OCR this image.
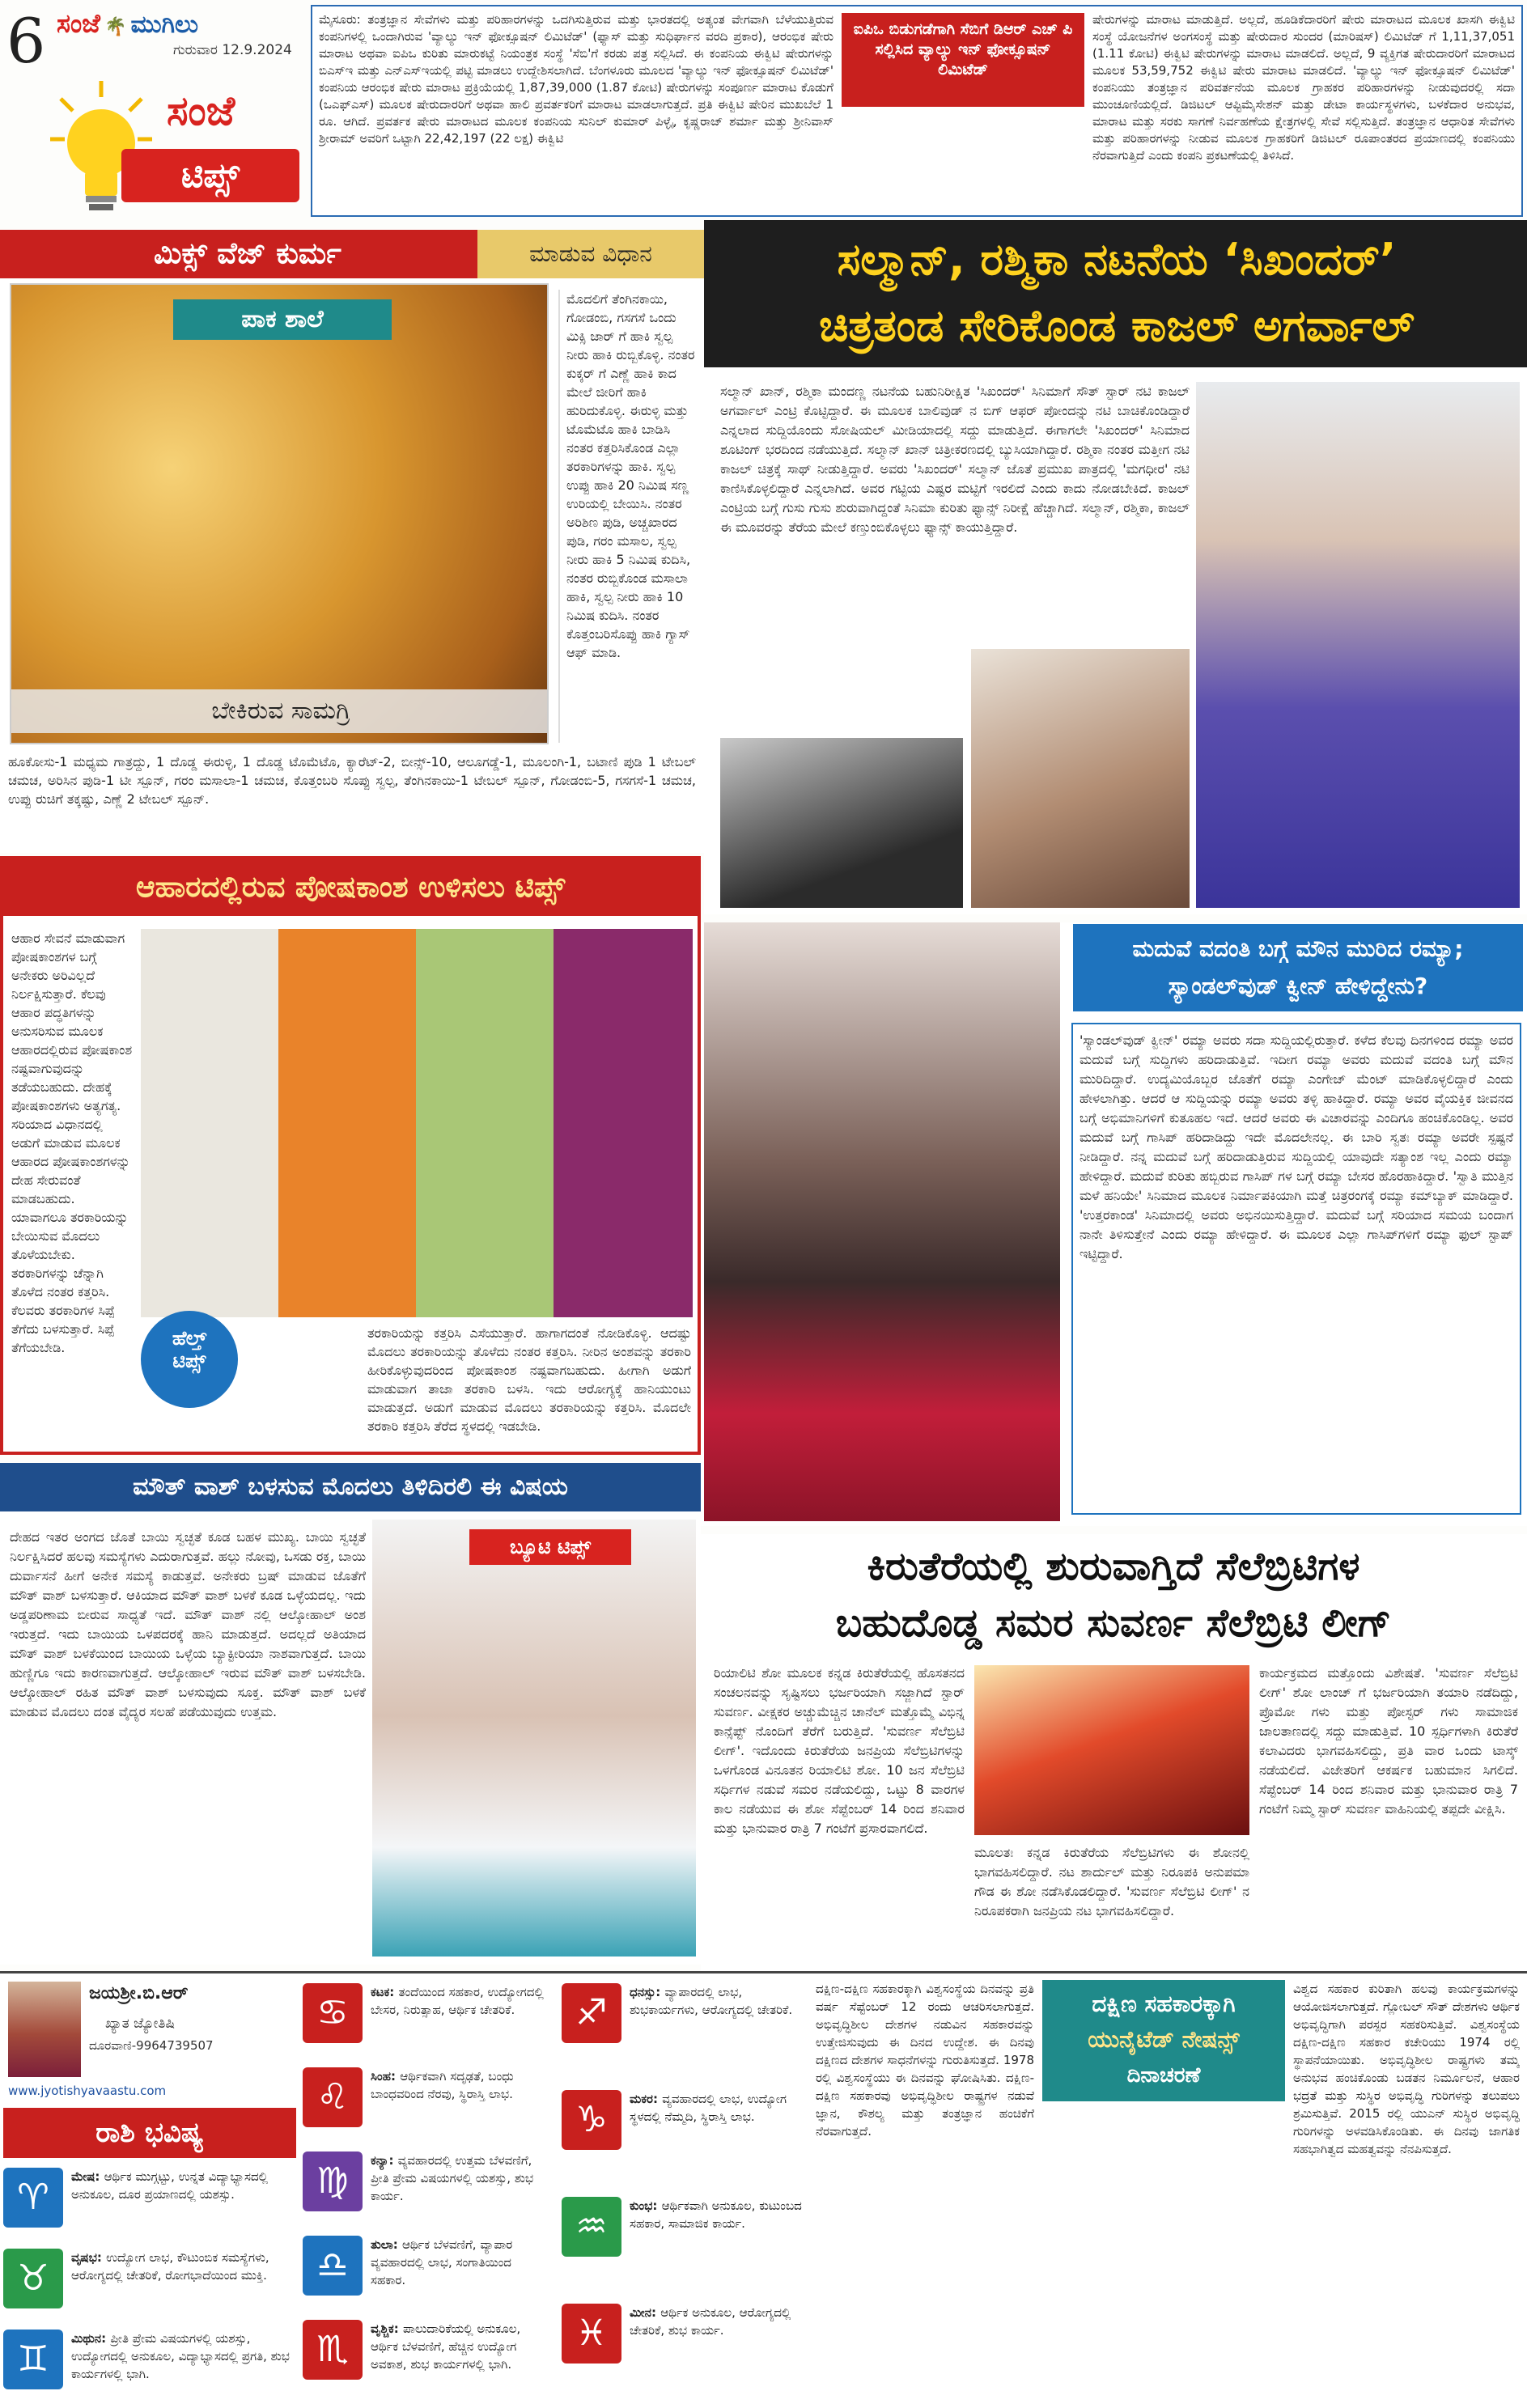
6 ಸಂಜೆ 🌴 ಮುಗಿಲು
ಗುರುವಾರ 12.9.2024
ಸಂಜೆ
ಟಿಪ್ಸ್
ಮೈಸೂರು: ತಂತ್ರಜ್ಞಾನ ಸೇವೆಗಳು ಮತ್ತು ಪರಿಹಾರಗಳನ್ನು ಒದಗಿಸುತ್ತಿರುವ ಮತ್ತು ಭಾರತದಲ್ಲಿ ಅತ್ಯಂತ ವೇಗವಾಗಿ ಬೆಳೆಯುತ್ತಿರುವ ಕಂಪನಿಗಳಲ್ಲಿ ಒಂದಾಗಿರುವ 'ವ್ಯಾಲ್ಯು ಇನ್ ಫೋಕ್ಸೂಷನ್ ಲಿಮಿಟೆಡ್' (ಫ್ಯಾಸ್ ಮತ್ತು ಸುಧಿರ್ಘಾನ ವರದಿ ಪ್ರಕಾರ), ಆರಂಭಿಕ ಷೇರು ಮಾರಾಟ ಅಥವಾ ಐಪಿಒ ಕುರಿತು ಮಾರುಕಟ್ಟೆ ನಿಯಂತ್ರಕ ಸಂಸ್ಥೆ 'ಸೆಬಿ'ಗೆ ಕರಡು ಪತ್ರ ಸಲ್ಲಿಸಿದೆ. ಈ ಕಂಪನಿಯ ಈಕ್ವಿಟಿ ಷೇರುಗಳನ್ನು ಬಿಎಸ್ಇ ಮತ್ತು ಎನ್ಎಸ್ಇಯಲ್ಲಿ ಪಟ್ಟಿ ಮಾಡಲು ಉದ್ದೇಶಿಸಲಾಗಿದೆ. ಬೆಂಗಳೂರು ಮೂಲದ 'ವ್ಯಾಲ್ಯು ಇನ್ ಫೋಕ್ಸೂಷನ್ ಲಿಮಿಟೆಡ್' ಕಂಪನಿಯ ಆರಂಭಿಕ ಷೇರು ಮಾರಾಟ ಪ್ರಕ್ರಿಯೆಯಲ್ಲಿ 1,87,39,000 (1.87 ಕೋಟಿ) ಷೇರುಗಳನ್ನು ಸಂಪೂರ್ಣ ಮಾರಾಟ ಕೊಡುಗೆ (ಒಎಫ್ಎಸ್) ಮೂಲಕ ಷೇರುದಾರರಿಗೆ ಅಥವಾ ಹಾಲಿ ಪ್ರವರ್ತಕರಿಗೆ ಮಾರಾಟ ಮಾಡಲಾಗುತ್ತದೆ. ಪ್ರತಿ ಈಕ್ವಿಟಿ ಷೇರಿನ ಮುಖಬೆಲೆ 1 ರೂ. ಆಗಿದೆ. ಪ್ರವರ್ತಕ ಷೇರು ಮಾರಾಟದ ಮೂಲಕ ಕಂಪನಿಯ ಸುನಿಲ್ ಕುಮಾರ್ ಪಿಳ್ಳೈ, ಕೃಷ್ಣರಾಜ್ ಶರ್ಮಾ ಮತ್ತು ಶ್ರೀನಿವಾಸ್ ಶ್ರೀರಾಮ್ ಅವರಿಗೆ ಒಟ್ಟಾಗಿ 22,42,197 (22 ಲಕ್ಷ) ಈಕ್ವಿಟಿ
ಐಪಿಒ ಬಿಡುಗಡೆಗಾಗಿ ಸೆಬಿಗೆ ಡಿಆರ್ ಎಚ್ ಪಿ ಸಲ್ಲಿಸಿದ ವ್ಯಾಲ್ಯು ಇನ್ ಫೋಕ್ಸೂಷನ್ ಲಿಮಿಟೆಡ್
ಷೇರುಗಳನ್ನು ಮಾರಾಟ ಮಾಡುತ್ತಿದೆ. ಅಲ್ಲದೆ, ಹೂಡಿಕೆದಾರರಿಗೆ ಷೇರು ಮಾರಾಟದ ಮೂಲಕ ಖಾಸಗಿ ಈಕ್ವಿಟಿ ಸಂಸ್ಥೆ ಯೋಜನೆಗಳ ಅಂಗಸಂಸ್ಥೆ ಮತ್ತು ಷೇರುದಾರ ಸುಂದರ (ಮಾರಿಷಸ್) ಲಿಮಿಟೆಡ್ ಗೆ 1,11,37,051 (1.11 ಕೋಟಿ) ಈಕ್ವಿಟಿ ಷೇರುಗಳನ್ನು ಮಾರಾಟ ಮಾಡಲಿದೆ. ಅಲ್ಲದೆ, 9 ವ್ಯಕ್ತಿಗತ ಷೇರುದಾರರಿಗೆ ಮಾರಾಟದ ಮೂಲಕ 53,59,752 ಈಕ್ವಿಟಿ ಷೇರು ಮಾರಾಟ ಮಾಡಲಿದೆ. 'ವ್ಯಾಲ್ಯು ಇನ್ ಫೋಕ್ಸೂಷನ್ ಲಿಮಿಟೆಡ್' ಕಂಪನಿಯು ತಂತ್ರಜ್ಞಾನ ಪರಿವರ್ತನೆಯ ಮೂಲಕ ಗ್ರಾಹಕರ ಪರಿಹಾರಗಳನ್ನು ನೀಡುವುದರಲ್ಲಿ ಸದಾ ಮುಂಚೂಣಿಯಲ್ಲಿದೆ. ಡಿಜಿಟಲ್ ಆಪ್ಟಿಮೈಸೇಶನ್ ಮತ್ತು ಡೇಟಾ ಕಾರ್ಯಸ್ಥಳಗಳು, ಬಳಕೆದಾರ ಅನುಭವ, ಮಾರಾಟ ಮತ್ತು ಸರಕು ಸಾಗಣೆ ನಿರ್ವಹಣೆಯ ಕ್ಷೇತ್ರಗಳಲ್ಲಿ ಸೇವೆ ಸಲ್ಲಿಸುತ್ತಿದೆ. ತಂತ್ರಜ್ಞಾನ ಆಧಾರಿತ ಸೇವೆಗಳು ಮತ್ತು ಪರಿಹಾರಗಳನ್ನು ನೀಡುವ ಮೂಲಕ ಗ್ರಾಹಕರಿಗೆ ಡಿಜಿಟಲ್ ರೂಪಾಂತರದ ಪ್ರಯಾಣದಲ್ಲಿ ಕಂಪನಿಯು ನೆರವಾಗುತ್ತಿದೆ ಎಂದು ಕಂಪನಿ ಪ್ರಕಟಣೆಯಲ್ಲಿ ತಿಳಿಸಿದೆ.
ಮಿಕ್ಸ್ ವೆಜ್ ಕುರ್ಮ	ಮಾಡುವ ವಿಧಾನ
ಪಾಕ ಶಾಲೆ
ಬೇಕಿರುವ ಸಾಮಗ್ರಿ
ಮೊದಲಿಗೆ ತೆಂಗಿನಕಾಯಿ, ಗೋಡಂಬಿ, ಗಸಗಸೆ ಒಂದು ಮಿಕ್ಸಿ ಜಾರ್ ಗೆ ಹಾಕಿ ಸ್ವಲ್ಪ ನೀರು ಹಾಕಿ ರುಬ್ಬಿಕೊಳ್ಳಿ. ನಂತರ ಕುಕ್ಕರ್ ಗೆ ಎಣ್ಣೆ ಹಾಕಿ ಕಾದ ಮೇಲೆ ಜೀರಿಗೆ ಹಾಕಿ ಹುರಿದುಕೊಳ್ಳಿ. ಈರುಳ್ಳಿ ಮತ್ತು ಟೊಮೆಟೊ ಹಾಕಿ ಬಾಡಿಸಿ ನಂತರ ಕತ್ತರಿಸಿಕೊಂಡ ಎಲ್ಲಾ ತರಕಾರಿಗಳನ್ನು ಹಾಕಿ. ಸ್ವಲ್ಪ ಉಪ್ಪು ಹಾಕಿ 20 ನಿಮಿಷ ಸಣ್ಣ ಉರಿಯಲ್ಲಿ ಬೇಯಿಸಿ. ನಂತರ ಅರಿಶಿಣ ಪುಡಿ, ಅಚ್ಚಖಾರದ ಪುಡಿ, ಗರಂ ಮಸಾಲ, ಸ್ವಲ್ಪ ನೀರು ಹಾಕಿ 5 ನಿಮಿಷ ಕುದಿಸಿ, ನಂತರ ರುಬ್ಬಿಕೊಂಡ ಮಸಾಲಾ ಹಾಕಿ, ಸ್ವಲ್ಪ ನೀರು ಹಾಕಿ 10 ನಿಮಿಷ ಕುದಿಸಿ. ನಂತರ ಕೊತ್ತಂಬರಿಸೊಪ್ಪು ಹಾಕಿ ಗ್ಯಾಸ್ ಆಫ್ ಮಾಡಿ.
ಹೂಕೋಸು-1 ಮಧ್ಯಮ ಗಾತ್ರದ್ದು, 1 ದೊಡ್ಡ ಈರುಳ್ಳಿ, 1 ದೊಡ್ಡ ಟೊಮೆಟೊ, ಕ್ಯಾರೆಟ್-2, ಬೀನ್ಸ್-10, ಆಲೂಗಡ್ಡೆ-1, ಮೂಲಂಗಿ-1, ಬಟಾಣಿ ಪುಡಿ 1 ಟೇಬಲ್ ಚಮಚ, ಅರಿಸಿನ ಪುಡಿ-1 ಟೀ ಸ್ಪೂನ್, ಗರಂ ಮಸಾಲಾ-1 ಚಮಚ, ಕೊತ್ತಂಬರಿ ಸೊಪ್ಪು ಸ್ವಲ್ಪ, ತೆಂಗಿನಕಾಯಿ-1 ಟೇಬಲ್ ಸ್ಪೂನ್, ಗೋಡಂಬಿ-5, ಗಸಗಸೆ-1 ಚಮಚ, ಉಪ್ಪು ರುಚಿಗೆ ತಕ್ಕಷ್ಟು, ಎಣ್ಣೆ 2 ಟೇಬಲ್ ಸ್ಪೂನ್.
ಸಲ್ಮಾನ್, ರಶ್ಮಿಕಾ ನಟನೆಯ ‘ಸಿಖಂದರ್’
ಚಿತ್ರತಂಡ ಸೇರಿಕೊಂಡ ಕಾಜಲ್ ಅಗರ್ವಾಲ್
ಸಲ್ಮಾನ್ ಖಾನ್, ರಶ್ಮಿಕಾ ಮಂದಣ್ಣ ನಟನೆಯ ಬಹುನಿರೀಕ್ಷಿತ 'ಸಿಖಂದರ್' ಸಿನಿಮಾಗೆ ಸೌತ್ ಸ್ಟಾರ್ ನಟಿ ಕಾಜಲ್ ಅಗರ್ವಾಲ್ ಎಂಟ್ರಿ ಕೊಟ್ಟಿದ್ದಾರೆ. ಈ ಮೂಲಕ ಬಾಲಿವುಡ್ ನ ಬಿಗ್ ಆಫರ್ ಪೋಂದನ್ನು ನಟಿ ಬಾಚಿಕೊಂಡಿದ್ದಾರೆ ಎನ್ನಲಾದ ಸುದ್ದಿಯೊಂದು ಸೋಷಿಯಲ್ ಮೀಡಿಯಾದಲ್ಲಿ ಸದ್ದು ಮಾಡುತ್ತಿದೆ. ಈಗಾಗಲೇ 'ಸಿಖಂದರ್' ಸಿನಿಮಾದ ಶೂಟಿಂಗ್ ಭರದಿಂದ ನಡೆಯುತ್ತಿದೆ. ಸಲ್ಮಾನ್ ಖಾನ್ ಚಿತ್ರೀಕರಣದಲ್ಲಿ ಬ್ಯುಸಿಯಾಗಿದ್ದಾರೆ. ರಶ್ಮಿಕಾ ನಂತರ ಮತ್ತೀಗ ನಟಿ ಕಾಜಲ್ ಚಿತ್ರಕ್ಕೆ ಸಾಥ್ ನೀಡುತ್ತಿದ್ದಾರೆ. ಅವರು 'ಸಿಖಂದರ್' ಸಲ್ಮಾನ್ ಜೊತೆ ಪ್ರಮುಖ ಪಾತ್ರದಲ್ಲಿ 'ಮಗಧೀರ' ನಟಿ ಕಾಣಿಸಿಕೊಳ್ಳಲಿದ್ದಾರೆ ಎನ್ನಲಾಗಿದೆ. ಅವರ ಗಟ್ಟಿಯ ಎಷ್ಟರ ಮಟ್ಟಿಗೆ ಇರಲಿದೆ ಎಂದು ಕಾದು ನೋಡಬೇಕಿದೆ. ಕಾಜಲ್ ಎಂಟ್ರಿಯ ಬಗ್ಗೆ ಗುಸು ಗುಸು ಶುರುವಾಗಿದ್ದಂತೆ ಸಿನಿಮಾ ಕುರಿತು ಫ್ಯಾನ್ಸ್ ನಿರೀಕ್ಷೆ ಹೆಚ್ಚಾಗಿದೆ. ಸಲ್ಮಾನ್, ರಶ್ಮಿಕಾ, ಕಾಜಲ್ ಈ ಮೂವರನ್ನು ತೆರೆಯ ಮೇಲೆ ಕಣ್ತುಂಬಿಕೊಳ್ಳಲು ಫ್ಯಾನ್ಸ್ ಕಾಯುತ್ತಿದ್ದಾರೆ.
ಆಹಾರದಲ್ಲಿರುವ ಪೋಷಕಾಂಶ ಉಳಿಸಲು ಟಿಪ್ಸ್
ಆಹಾರ ಸೇವನೆ ಮಾಡುವಾಗ ಪೋಷಕಾಂಶಗಳ ಬಗ್ಗೆ ಅನೇಕರು ಅರಿವಿಲ್ಲದೆ ನಿರ್ಲಕ್ಷಿಸುತ್ತಾರೆ. ಕೆಲವು ಆಹಾರ ಪದ್ಧತಿಗಳನ್ನು ಅನುಸರಿಸುವ ಮೂಲಕ ಆಹಾರದಲ್ಲಿರುವ ಪೋಷಕಾಂಶ ನಷ್ಟವಾಗುವುದನ್ನು ತಡೆಯಬಹುದು. ದೇಹಕ್ಕೆ ಪೋಷಕಾಂಶಗಳು ಅತ್ಯಗತ್ಯ. ಸರಿಯಾದ ವಿಧಾನದಲ್ಲಿ ಅಡುಗೆ ಮಾಡುವ ಮೂಲಕ ಆಹಾರದ ಪೋಷಕಾಂಶಗಳನ್ನು ದೇಹ ಸೇರುವಂತೆ ಮಾಡಬಹುದು. ಯಾವಾಗಲೂ ತರಕಾರಿಯನ್ನು ಬೇಯಿಸುವ ಮೊದಲು ತೊಳೆಯಬೇಕು. ತರಕಾರಿಗಳನ್ನು ಚೆನ್ನಾಗಿ ತೊಳೆದ ನಂತರ ಕತ್ತರಿಸಿ. ಕೆಲವರು ತರಕಾರಿಗಳ ಸಿಪ್ಪೆ ತೆಗೆದು ಬಳಸುತ್ತಾರೆ. ಸಿಪ್ಪೆ ತೆಗೆಯಬೇಡಿ.	ಹೆಲ್ತ್
ಟಿಪ್ಸ್
ತರಕಾರಿಯನ್ನು ಕತ್ತರಿಸಿ ಎಸೆಯುತ್ತಾರೆ. ಹಾಗಾಗದಂತೆ ನೋಡಿಕೊಳ್ಳಿ. ಆದಷ್ಟು ಮೊದಲು ತರಕಾರಿಯನ್ನು ತೊಳೆದು ನಂತರ ಕತ್ತರಿಸಿ. ನೀರಿನ ಅಂಶವನ್ನು ತರಕಾರಿ ಹೀರಿಕೊಳ್ಳುವುದರಿಂದ ಪೋಷಕಾಂಶ ನಷ್ಟವಾಗಬಹುದು. ಹೀಗಾಗಿ ಅಡುಗೆ ಮಾಡುವಾಗ ತಾಜಾ ತರಕಾರಿ ಬಳಸಿ. ಇದು ಆರೋಗ್ಯಕ್ಕೆ ಹಾನಿಯುಂಟು ಮಾಡುತ್ತದೆ. ಅಡುಗೆ ಮಾಡುವ ಮೊದಲು ತರಕಾರಿಯನ್ನು ಕತ್ತರಿಸಿ. ಮೊದಲೇ ತರಕಾರಿ ಕತ್ತರಿಸಿ ತೆರೆದ ಸ್ಥಳದಲ್ಲಿ ಇಡಬೇಡಿ.
ಮದುವೆ ವದಂತಿ ಬಗ್ಗೆ ಮೌನ ಮುರಿದ ರಮ್ಯಾ;
ಸ್ಯಾಂಡಲ್‌ವುಡ್ ಕ್ವೀನ್ ಹೇಳಿದ್ದೇನು?
'ಸ್ಯಾಂಡಲ್‌ವುಡ್ ಕ್ವೀನ್' ರಮ್ಯಾ ಅವರು ಸದಾ ಸುದ್ದಿಯಲ್ಲಿರುತ್ತಾರೆ. ಕಳೆದ ಕೆಲವು ದಿನಗಳಿಂದ ರಮ್ಯಾ ಅವರ ಮದುವೆ ಬಗ್ಗೆ ಸುದ್ದಿಗಳು ಹರಿದಾಡುತ್ತಿವೆ. ಇದೀಗ ರಮ್ಯಾ ಅವರು ಮದುವೆ ವದಂತಿ ಬಗ್ಗೆ ಮೌನ ಮುರಿದಿದ್ದಾರೆ. ಉದ್ಯಮಿಯೊಬ್ಬರ ಜೊತೆಗೆ ರಮ್ಯಾ ಎಂಗೇಜ್ ಮೆಂಟ್ ಮಾಡಿಕೊಳ್ಳಲಿದ್ದಾರೆ ಎಂದು ಹೇಳಲಾಗಿತ್ತು. ಆದರೆ ಆ ಸುದ್ದಿಯನ್ನು ರಮ್ಯಾ ಅವರು ತಳ್ಳಿ ಹಾಕಿದ್ದಾರೆ. ರಮ್ಯಾ ಅವರ ವೈಯಕ್ತಿಕ ಜೀವನದ ಬಗ್ಗೆ ಅಭಿಮಾನಿಗಳಿಗೆ ಕುತೂಹಲ ಇದೆ. ಆದರೆ ಅವರು ಈ ವಿಚಾರವನ್ನು ಎಂದಿಗೂ ಹಂಚಿಕೊಂಡಿಲ್ಲ. ಅವರ ಮದುವೆ ಬಗ್ಗೆ ಗಾಸಿಪ್ ಹರಿದಾಡಿದ್ದು ಇದೇ ಮೊದಲೇನಲ್ಲ. ಈ ಬಾರಿ ಸ್ವತಃ ರಮ್ಯಾ ಅವರೇ ಸ್ಪಷ್ಟನೆ ನೀಡಿದ್ದಾರೆ. ನನ್ನ ಮದುವೆ ಬಗ್ಗೆ ಹರಿದಾಡುತ್ತಿರುವ ಸುದ್ದಿಯಲ್ಲಿ ಯಾವುದೇ ಸತ್ಯಾಂಶ ಇಲ್ಲ ಎಂದು ರಮ್ಯಾ ಹೇಳಿದ್ದಾರೆ. ಮದುವೆ ಕುರಿತು ಹಬ್ಬಿರುವ ಗಾಸಿಪ್ ಗಳ ಬಗ್ಗೆ ರಮ್ಯಾ ಬೇಸರ ಹೊರಹಾಕಿದ್ದಾರೆ. 'ಸ್ವಾತಿ ಮುತ್ತಿನ ಮಳೆ ಹನಿಯೇ' ಸಿನಿಮಾದ ಮೂಲಕ ನಿರ್ಮಾಪಕಿಯಾಗಿ ಮತ್ತೆ ಚಿತ್ರರಂಗಕ್ಕೆ ರಮ್ಯಾ ಕಮ್‌ಬ್ಯಾಕ್ ಮಾಡಿದ್ದಾರೆ. 'ಉತ್ತರಕಾಂಡ' ಸಿನಿಮಾದಲ್ಲಿ ಅವರು ಅಭಿನಯಿಸುತ್ತಿದ್ದಾರೆ. ಮದುವೆ ಬಗ್ಗೆ ಸರಿಯಾದ ಸಮಯ ಬಂದಾಗ ನಾನೇ ತಿಳಿಸುತ್ತೇನೆ ಎಂದು ರಮ್ಯಾ ಹೇಳಿದ್ದಾರೆ. ಈ ಮೂಲಕ ಎಲ್ಲಾ ಗಾಸಿಪ್‌ಗಳಿಗೆ ರಮ್ಯಾ ಫುಲ್ ಸ್ಟಾಪ್ ಇಟ್ಟಿದ್ದಾರೆ.
ಮೌತ್ ವಾಶ್ ಬಳಸುವ ಮೊದಲು ತಿಳಿದಿರಲಿ ಈ ವಿಷಯ
ದೇಹದ ಇತರ ಅಂಗದ ಜೊತೆ ಬಾಯಿ ಸ್ವಚ್ಛತೆ ಕೂಡ ಬಹಳ ಮುಖ್ಯ. ಬಾಯಿ ಸ್ವಚ್ಛತೆ ನಿರ್ಲಕ್ಷಿಸಿದರೆ ಹಲವು ಸಮಸ್ಯೆಗಳು ಎದುರಾಗುತ್ತವೆ. ಹಲ್ಲು ನೋವು, ಒಸಡು ರಕ್ತ, ಬಾಯಿ ದುರ್ವಾಸನೆ ಹೀಗೆ ಅನೇಕ ಸಮಸ್ಯೆ ಕಾಡುತ್ತವೆ. ಅನೇಕರು ಬ್ರಷ್ ಮಾಡುವ ಜೊತೆಗೆ ಮೌತ್ ವಾಶ್ ಬಳಸುತ್ತಾರೆ. ಆಕಿಯಾದ ಮೌತ್ ವಾಶ್ ಬಳಕೆ ಕೂಡ ಒಳ್ಳೆಯದಲ್ಲ. ಇದು ಅಡ್ಡಪರಿಣಾಮ ಬೀರುವ ಸಾಧ್ಯತೆ ಇದೆ. ಮೌತ್ ವಾಶ್ ನಲ್ಲಿ ಆಲ್ಕೋಹಾಲ್ ಅಂಶ ಇರುತ್ತದೆ. ಇದು ಬಾಯಿಯ ಒಳಪದರಕ್ಕೆ ಹಾನಿ ಮಾಡುತ್ತದೆ. ಅದಲ್ಲದೆ ಅತಿಯಾದ ಮೌತ್ ವಾಶ್ ಬಳಕೆಯಿಂದ ಬಾಯಿಯ ಒಳ್ಳೆಯ ಬ್ಯಾಕ್ಟೀರಿಯಾ ನಾಶವಾಗುತ್ತದೆ. ಬಾಯಿ ಹುಣ್ಣಿಗೂ ಇದು ಕಾರಣವಾಗುತ್ತದೆ. ಆಲ್ಕೋಹಾಲ್ ಇರುವ ಮೌತ್ ವಾಶ್ ಬಳಸಬೇಡಿ. ಆಲ್ಕೋಹಾಲ್ ರಹಿತ ಮೌತ್ ವಾಶ್ ಬಳಸುವುದು ಸೂಕ್ತ. ಮೌತ್ ವಾಶ್ ಬಳಕೆ ಮಾಡುವ ಮೊದಲು ದಂತ ವೈದ್ಯರ ಸಲಹೆ ಪಡೆಯುವುದು ಉತ್ತಮ.
ಬ್ಯೂಟಿ ಟಿಪ್ಸ್	ಕಿರುತೆರೆಯಲ್ಲಿ ಶುರುವಾಗ್ತಿದೆ ಸೆಲೆಬ್ರಿಟಿಗಳ
ಬಹುದೊಡ್ಡ ಸಮರ ಸುವರ್ಣ ಸೆಲೆಬ್ರಿಟಿ ಲೀಗ್
ರಿಯಾಲಿಟಿ ಶೋ ಮೂಲಕ ಕನ್ನಡ ಕಿರುತೆರೆಯಲ್ಲಿ ಹೊಸತನದ ಸಂಚಲನವನ್ನು ಸೃಷ್ಟಿಸಲು ಭರ್ಜರಿಯಾಗಿ ಸಜ್ಜಾಗಿದೆ ಸ್ಟಾರ್ ಸುವರ್ಣ. ವೀಕ್ಷಕರ ಅಚ್ಚುಮೆಚ್ಚಿನ ಚಾನೆಲ್ ಮತ್ತೊಮ್ಮೆ ವಿಭಿನ್ನ ಕಾನ್ಸೆಪ್ಟ್ ನೊಂದಿಗೆ ತೆರೆಗೆ ಬರುತ್ತಿದೆ. 'ಸುವರ್ಣ ಸೆಲೆಬ್ರಿಟಿ ಲೀಗ್'. ಇದೊಂದು ಕಿರುತೆರೆಯ ಜನಪ್ರಿಯ ಸೆಲೆಬ್ರಿಟಿಗಳನ್ನು ಒಳಗೊಂಡ ವಿನೂತನ ರಿಯಾಲಿಟಿ ಶೋ. 10 ಜನ ಸೆಲೆಬ್ರಿಟಿ ಸರ್ಧಿಗಳ ನಡುವೆ ಸಮರ ನಡೆಯಲಿದ್ದು, ಒಟ್ಟು 8 ವಾರಗಳ ಕಾಲ ನಡೆಯುವ ಈ ಶೋ ಸೆಪ್ಟೆಂಬರ್ 14 ರಿಂದ ಶನಿವಾರ ಮತ್ತು ಭಾನುವಾರ ರಾತ್ರಿ 7 ಗಂಟೆಗೆ ಪ್ರಸಾರವಾಗಲಿದೆ.
ಮೂಲತಃ ಕನ್ನಡ ಕಿರುತೆರೆಯ ಸೆಲೆಬ್ರಿಟಿಗಳು ಈ ಶೋನಲ್ಲಿ ಭಾಗವಹಿಸಲಿದ್ದಾರೆ. ನಟ ಶಾರ್ದುಲ್ ಮತ್ತು ನಿರೂಪಕಿ ಅನುಪಮಾ ಗೌಡ ಈ ಶೋ ನಡೆಸಿಕೊಡಲಿದ್ದಾರೆ. 'ಸುವರ್ಣ ಸೆಲೆಬ್ರಿಟಿ ಲೀಗ್' ನ ನಿರೂಪಕರಾಗಿ ಜನಪ್ರಿಯ ನಟ ಭಾಗವಹಿಸಲಿದ್ದಾರೆ.
ಕಾರ್ಯಕ್ರಮದ ಮತ್ತೊಂದು ವಿಶೇಷತೆ. 'ಸುವರ್ಣ ಸೆಲೆಬ್ರಿಟಿ ಲೀಗ್' ಶೋ ಲಾಂಚ್ ಗೆ ಭರ್ಜರಿಯಾಗಿ ತಯಾರಿ ನಡೆದಿದ್ದು, ಪ್ರೊಮೋ ಗಳು ಮತ್ತು ಪೋಸ್ಟರ್ ಗಳು ಸಾಮಾಜಿಕ ಜಾಲತಾಣದಲ್ಲಿ ಸದ್ದು ಮಾಡುತ್ತಿವೆ. 10 ಸ್ಪರ್ಧಿಗಳಾಗಿ ಕಿರುತೆರೆ ಕಲಾವಿದರು ಭಾಗವಹಿಸಲಿದ್ದು, ಪ್ರತಿ ವಾರ ಒಂದು ಟಾಸ್ಕ್ ನಡೆಯಲಿದೆ. ವಿಜೇತರಿಗೆ ಆಕರ್ಷಕ ಬಹುಮಾನ ಸಿಗಲಿದೆ. ಸೆಪ್ಟೆಂಬರ್ 14 ರಿಂದ ಶನಿವಾರ ಮತ್ತು ಭಾನುವಾರ ರಾತ್ರಿ 7 ಗಂಟೆಗೆ ನಿಮ್ಮ ಸ್ಟಾರ್ ಸುವರ್ಣ ವಾಹಿನಿಯಲ್ಲಿ ತಪ್ಪದೇ ವೀಕ್ಷಿಸಿ.
ಜಯಶ್ರೀ.ಬಿ.ಆರ್
ಖ್ಯಾತ ಜ್ಯೋತಿಷಿ
ದೂರವಾಣಿ-9964739507
www.jyotishyavaastu.com
ರಾಶಿ ಭವಿಷ್ಯ
♈	ಮೇಷ: ಆರ್ಥಿಕ ಮುಗ್ಗಟ್ಟು, ಉನ್ನತ ವಿದ್ಯಾಭ್ಯಾಸದಲ್ಲಿ ಅನುಕೂಲ, ದೂರ ಪ್ರಯಾಣದಲ್ಲಿ ಯಶಸ್ಸು.
♉	ವೃಷಭ: ಉದ್ಯೋಗ ಲಾಭ, ಕೌಟುಂಬಿಕ ಸಮಸ್ಯೆಗಳು, ಆರೋಗ್ಯದಲ್ಲಿ ಚೇತರಿಕೆ, ರೋಗಭಾದೆಯಿಂದ ಮುಕ್ತಿ.
♊	ಮಿಥುನ: ಪ್ರೀತಿ ಪ್ರೇಮ ವಿಷಯಗಳಲ್ಲಿ ಯಶಸ್ಸು, ಉದ್ಯೋಗದಲ್ಲಿ ಅನುಕೂಲ, ವಿದ್ಯಾಭ್ಯಾಸದಲ್ಲಿ ಪ್ರಗತಿ, ಶುಭ ಕಾರ್ಯಗಳಲ್ಲಿ ಭಾಗಿ.
♋	ಕಟಕ: ತಂದೆಯಿಂದ ಸಹಕಾರ, ಉದ್ಯೋಗದಲ್ಲಿ ಬೇಸರ, ನಿರುತ್ಸಾಹ, ಆರ್ಥಿಕ ಚೇತರಿಕೆ.
♌	ಸಿಂಹ: ಆರ್ಥಿಕವಾಗಿ ಸದೃಢತೆ, ಬಂಧು ಬಾಂಧವರಿಂದ ನೆರವು, ಸ್ಥಿರಾಸ್ತಿ ಲಾಭ.
♍	ಕನ್ಯಾ: ವ್ಯವಹಾರದಲ್ಲಿ ಉತ್ತಮ ಬೆಳವಣಿಗೆ, ಪ್ರೀತಿ ಪ್ರೇಮ ವಿಷಯಗಳಲ್ಲಿ ಯಶಸ್ಸು, ಶುಭ ಕಾರ್ಯ.
♎	ತುಲಾ: ಆರ್ಥಿಕ ಬೆಳವಣಿಗೆ, ವ್ಯಾಪಾರ ವ್ಯವಹಾರದಲ್ಲಿ ಲಾಭ, ಸಂಗಾತಿಯಿಂದ ಸಹಕಾರ.
♏	ವೃಶ್ಚಿಕ: ಪಾಲುದಾರಿಕೆಯಲ್ಲಿ ಅನುಕೂಲ, ಆರ್ಥಿಕ ಬೆಳವಣಿಗೆ, ಹೆಚ್ಚಿನ ಉದ್ಯೋಗ ಅವಕಾಶ, ಶುಭ ಕಾರ್ಯಗಳಲ್ಲಿ ಭಾಗಿ.
♐	ಧನಸ್ಸು: ವ್ಯಾಪಾರದಲ್ಲಿ ಲಾಭ, ಶುಭಕಾರ್ಯಗಳು, ಆರೋಗ್ಯದಲ್ಲಿ ಚೇತರಿಕೆ.
♑	ಮಕರ: ವ್ಯವಹಾರದಲ್ಲಿ ಲಾಭ, ಉದ್ಯೋಗ ಸ್ಥಳದಲ್ಲಿ ನೆಮ್ಮದಿ, ಸ್ಥಿರಾಸ್ತಿ ಲಾಭ.
♒	ಕುಂಭ: ಆರ್ಥಿಕವಾಗಿ ಅನುಕೂಲ, ಕುಟುಂಬದ ಸಹಕಾರ, ಸಾಮಾಜಿಕ ಕಾರ್ಯ.
♓	ಮೀನ: ಆರ್ಥಿಕ ಅನುಕೂಲ, ಆರೋಗ್ಯದಲ್ಲಿ ಚೇತರಿಕೆ, ಶುಭ ಕಾರ್ಯ.
ದಕ್ಷಿಣ-ದಕ್ಷಿಣ ಸಹಕಾರಕ್ಕಾಗಿ ವಿಶ್ವಸಂಸ್ಥೆಯ ದಿನವನ್ನು ಪ್ರತಿ ವರ್ಷ ಸೆಪ್ಟೆಂಬರ್ 12 ರಂದು ಆಚರಿಸಲಾಗುತ್ತದೆ. ಅಭಿವೃದ್ಧಿಶೀಲ ದೇಶಗಳ ನಡುವಿನ ಸಹಕಾರವನ್ನು ಉತ್ತೇಜಿಸುವುದು ಈ ದಿನದ ಉದ್ದೇಶ. ಈ ದಿನವು ದಕ್ಷಿಣದ ದೇಶಗಳ ಸಾಧನೆಗಳನ್ನು ಗುರುತಿಸುತ್ತದೆ. 1978 ರಲ್ಲಿ ವಿಶ್ವಸಂಸ್ಥೆಯು ಈ ದಿನವನ್ನು ಘೋಷಿಸಿತು. ದಕ್ಷಿಣ-ದಕ್ಷಿಣ ಸಹಕಾರವು ಅಭಿವೃದ್ಧಿಶೀಲ ರಾಷ್ಟ್ರಗಳ ನಡುವೆ ಜ್ಞಾನ, ಕೌಶಲ್ಯ ಮತ್ತು ತಂತ್ರಜ್ಞಾನ ಹಂಚಿಕೆಗೆ ನೆರವಾಗುತ್ತದೆ.
ದಕ್ಷಿಣ ಸಹಕಾರಕ್ಕಾಗಿ
ಯುನೈಟೆಡ್ ನೇಷನ್ಸ್
ದಿನಾಚರಣೆ
ವಿಶ್ವದ ಸಹಕಾರ ಕುರಿತಾಗಿ ಹಲವು ಕಾರ್ಯಕ್ರಮಗಳನ್ನು ಆಯೋಜಿಸಲಾಗುತ್ತದೆ. ಗ್ಲೋಬಲ್ ಸೌತ್ ದೇಶಗಳು ಆರ್ಥಿಕ ಅಭಿವೃದ್ಧಿಗಾಗಿ ಪರಸ್ಪರ ಸಹಕರಿಸುತ್ತಿವೆ. ವಿಶ್ವಸಂಸ್ಥೆಯ ದಕ್ಷಿಣ-ದಕ್ಷಿಣ ಸಹಕಾರ ಕಚೇರಿಯು 1974 ರಲ್ಲಿ ಸ್ಥಾಪನೆಯಾಯಿತು. ಅಭಿವೃದ್ಧಿಶೀಲ ರಾಷ್ಟ್ರಗಳು ತಮ್ಮ ಅನುಭವ ಹಂಚಿಕೊಂಡು ಬಡತನ ನಿರ್ಮೂಲನೆ, ಆಹಾರ ಭದ್ರತೆ ಮತ್ತು ಸುಸ್ಥಿರ ಅಭಿವೃದ್ಧಿ ಗುರಿಗಳನ್ನು ತಲುಪಲು ಶ್ರಮಿಸುತ್ತಿವೆ. 2015 ರಲ್ಲಿ ಯುಎನ್ ಸುಸ್ಥಿರ ಅಭಿವೃದ್ಧಿ ಗುರಿಗಳನ್ನು ಅಳವಡಿಸಿಕೊಂಡಿತು. ಈ ದಿನವು ಜಾಗತಿಕ ಸಹಭಾಗಿತ್ವದ ಮಹತ್ವವನ್ನು ನೆನಪಿಸುತ್ತದೆ.
